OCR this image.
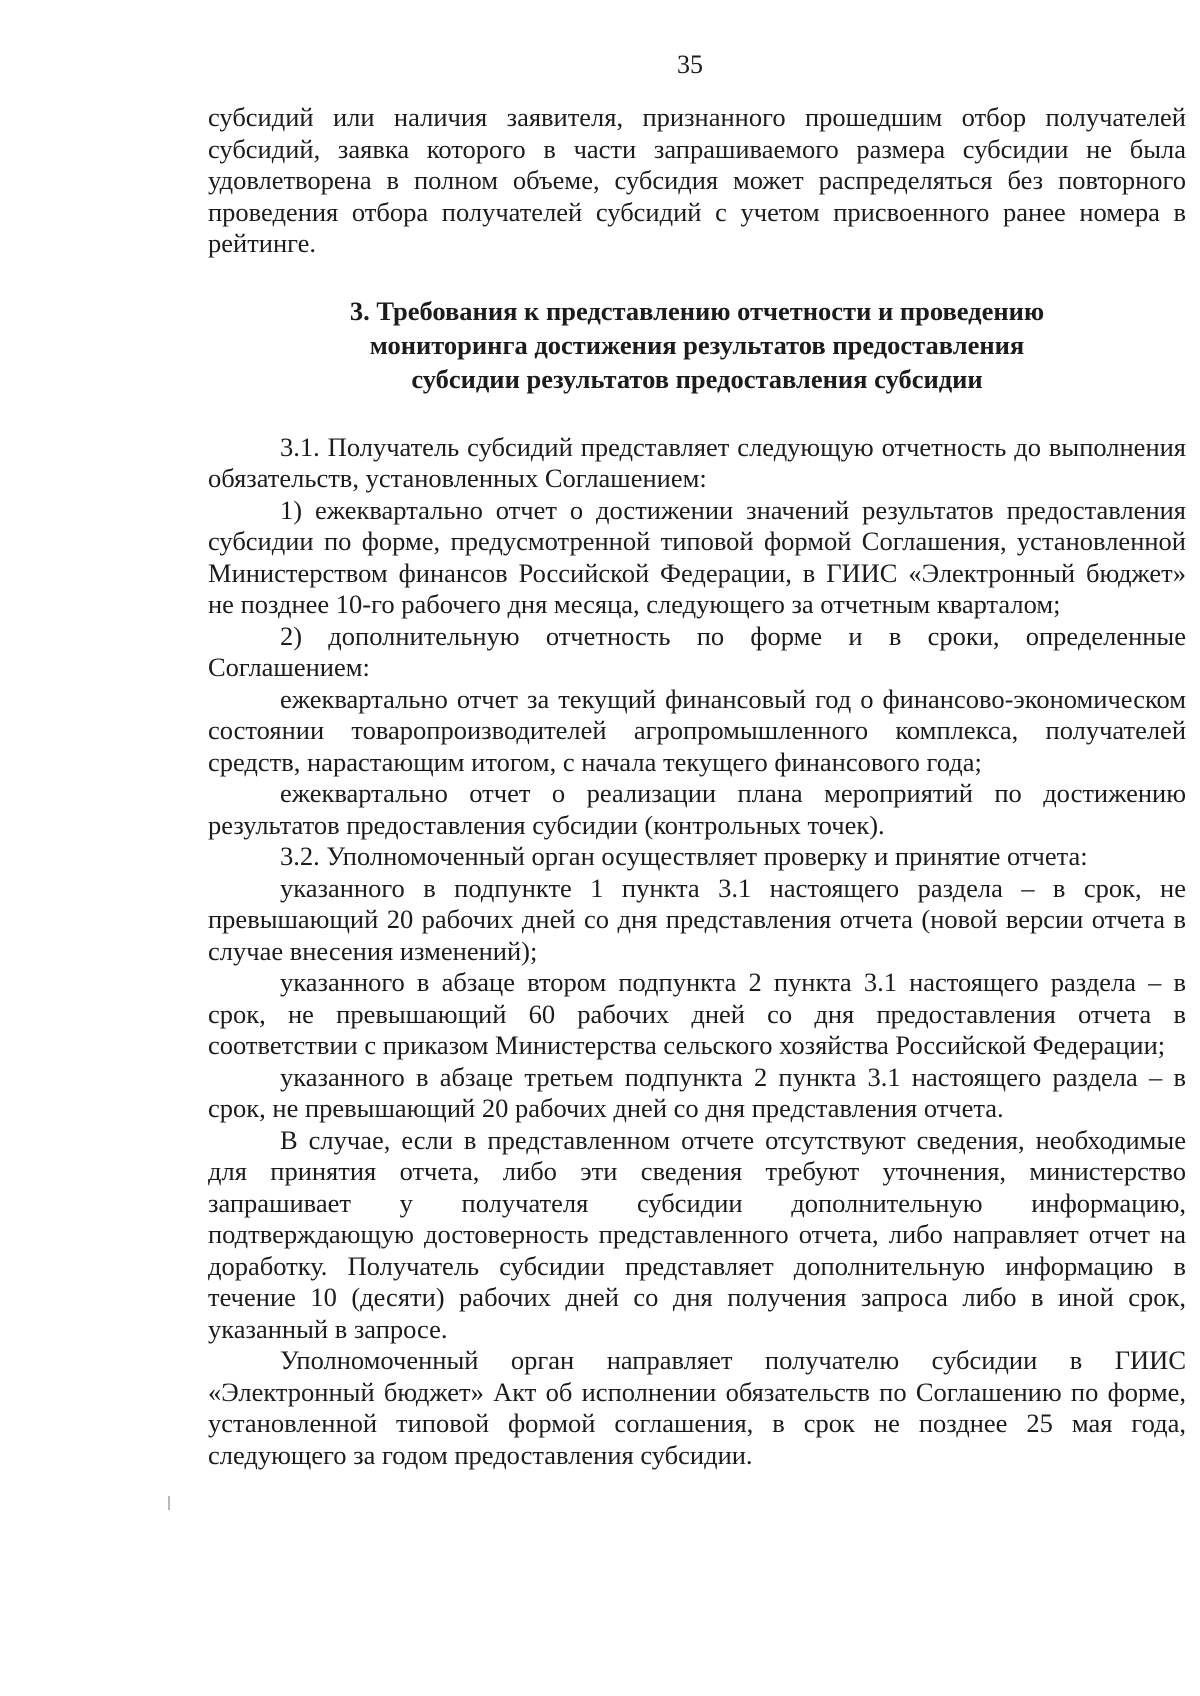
35

субсидий или наличия заявителя, признанного прошедшим отбор получателей субсидий, заявка которого в части запрашиваемого размера субсидии не была удовлетворена в полном объеме, субсидия может распределяться без повторного проведения отбора получателей субсидий с учетом присвоенного ранее номера в рейтинге.

3. Требования к представлению отчетности и проведению
мониторинга достижения результатов предоставления
субсидии результатов предоставления субсидии

3.1. Получатель субсидий представляет следующую отчетность до выполнения обязательств, установленных Соглашением:

1) ежеквартально отчет о достижении значений результатов предоставления субсидии по форме, предусмотренной типовой формой Соглашения, установленной Министерством финансов Российской Федерации, в ГИИС «Электронный бюджет» не позднее 10-го рабочего дня месяца, следующего за отчетным кварталом;

2) дополнительную отчетность по форме и в сроки, определенные Соглашением:

ежеквартально отчет за текущий финансовый год о финансово-экономическом состоянии товаропроизводителей агропромышленного комплекса, получателей средств, нарастающим итогом, с начала текущего финансового года;

ежеквартально отчет о реализации плана мероприятий по достижению результатов предоставления субсидии (контрольных точек).

3.2. Уполномоченный орган осуществляет проверку и принятие отчета:

указанного в подпункте 1 пункта 3.1 настоящего раздела – в срок, не превышающий 20 рабочих дней со дня представления отчета (новой версии отчета в случае внесения изменений);

указанного в абзаце втором подпункта 2 пункта 3.1 настоящего раздела – в срок, не превышающий 60 рабочих дней со дня предоставления отчета в соответствии с приказом Министерства сельского хозяйства Российской Федерации;

указанного в абзаце третьем подпункта 2 пункта 3.1 настоящего раздела – в срок, не превышающий 20 рабочих дней со дня представления отчета.

В случае, если в представленном отчете отсутствуют сведения, необходимые для принятия отчета, либо эти сведения требуют уточнения, министерство запрашивает у получателя субсидии дополнительную информацию, подтверждающую достоверность представленного отчета, либо направляет отчет на доработку. Получатель субсидии представляет дополнительную информацию в течение 10 (десяти) рабочих дней со дня получения запроса либо в иной срок, указанный в запросе.

Уполномоченный орган направляет получателю субсидии в ГИИС «Электронный бюджет» Акт об исполнении обязательств по Соглашению по форме, установленной типовой формой соглашения, в срок не позднее 25 мая года, следующего за годом предоставления субсидии.
